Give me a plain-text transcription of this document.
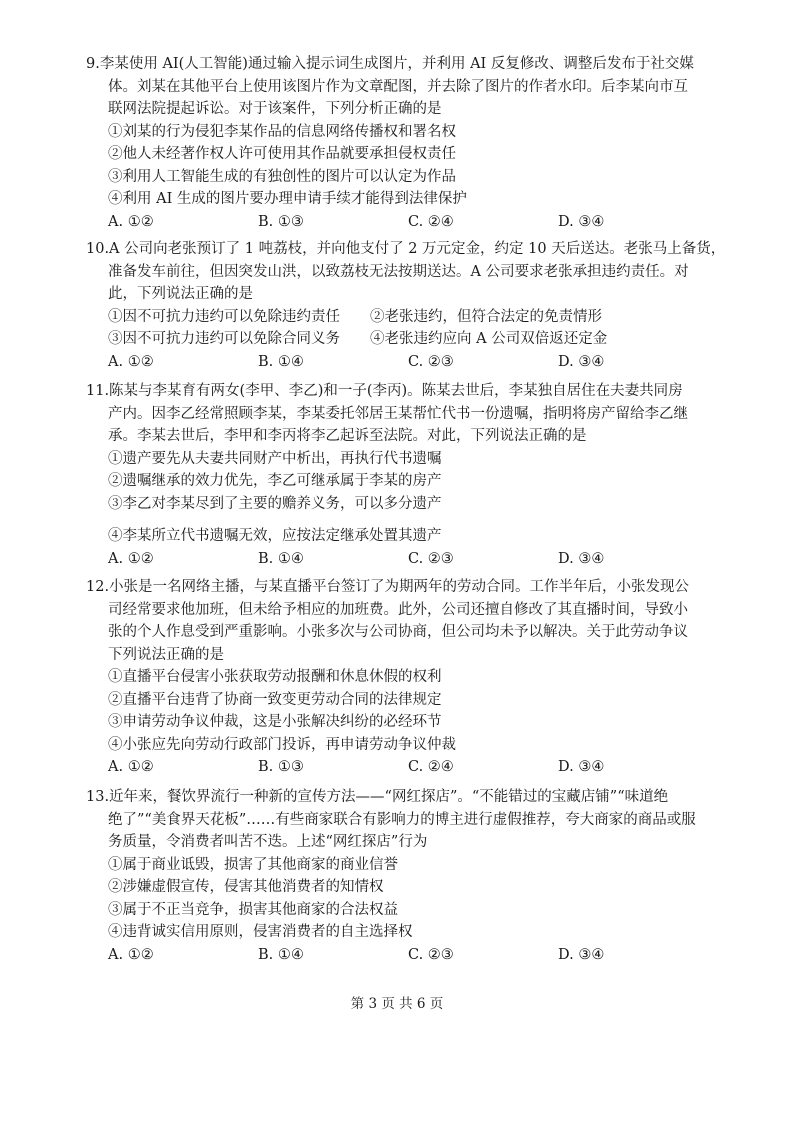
9.李某使用 AI(人工智能)通过输入提示词生成图片，并利用 AI 反复修改、调整后发布于社交媒
体。刘某在其他平台上使用该图片作为文章配图，并去除了图片的作者水印。后李某向市互
联网法院提起诉讼。对于该案件，下列分析正确的是
①刘某的行为侵犯李某作品的信息网络传播权和署名权
②他人未经著作权人许可使用其作品就要承担侵权责任
③利用人工智能生成的有独创性的图片可以认定为作品
④利用 AI 生成的图片要办理申请手续才能得到法律保护
A. ①②	B. ①③	C. ②④	D. ③④
10.A 公司向老张预订了 1 吨荔枝，并向他支付了 2 万元定金，约定 10 天后送达。老张马上备货，
准备发车前往，但因突发山洪，以致荔枝无法按期送达。A 公司要求老张承担违约责任。对
此，下列说法正确的是
①因不可抗力违约可以免除违约责任 ②老张违约，但符合法定的免责情形
③因不可抗力违约可以免除合同义务 ④老张违约应向 A 公司双倍返还定金
A. ①②	B. ①④	C. ②③	D. ③④
11.陈某与李某育有两女(李甲、李乙)和一子(李丙)。陈某去世后，李某独自居住在夫妻共同房
产内。因李乙经常照顾李某，李某委托邻居王某帮忙代书一份遗嘱，指明将房产留给李乙继
承。李某去世后，李甲和李丙将李乙起诉至法院。对此，下列说法正确的是
①遗产要先从夫妻共同财产中析出，再执行代书遗嘱
②遗嘱继承的效力优先，李乙可继承属于李某的房产
③李乙对李某尽到了主要的赡养义务，可以多分遗产
④李某所立代书遗嘱无效，应按法定继承处置其遗产
A. ①②	B. ①④	C. ②③	D. ③④
12.小张是一名网络主播，与某直播平台签订了为期两年的劳动合同。工作半年后，小张发现公
司经常要求他加班，但未给予相应的加班费。此外，公司还擅自修改了其直播时间，导致小
张的个人作息受到严重影响。小张多次与公司协商，但公司均未予以解决。关于此劳动争议
下列说法正确的是
①直播平台侵害小张获取劳动报酬和休息休假的权利
②直播平台违背了协商一致变更劳动合同的法律规定
③申请劳动争议仲裁，这是小张解决纠纷的必经环节
④小张应先向劳动行政部门投诉，再申请劳动争议仲裁
A. ①②	B. ①③	C. ②④	D. ③④
13.近年来，餐饮界流行一种新的宣传方法——“网红探店”。“不能错过的宝藏店铺”“味道绝
绝了”“美食界天花板”……有些商家联合有影响力的博主进行虚假推荐，夸大商家的商品或服
务质量，令消费者叫苦不迭。上述“网红探店”行为
①属于商业诋毁，损害了其他商家的商业信誉
②涉嫌虚假宣传，侵害其他消费者的知情权
③属于不正当竞争，损害其他商家的合法权益
④违背诚实信用原则，侵害消费者的自主选择权
A. ①②	B. ①④	C. ②③	D. ③④
第 3 页 共 6 页
